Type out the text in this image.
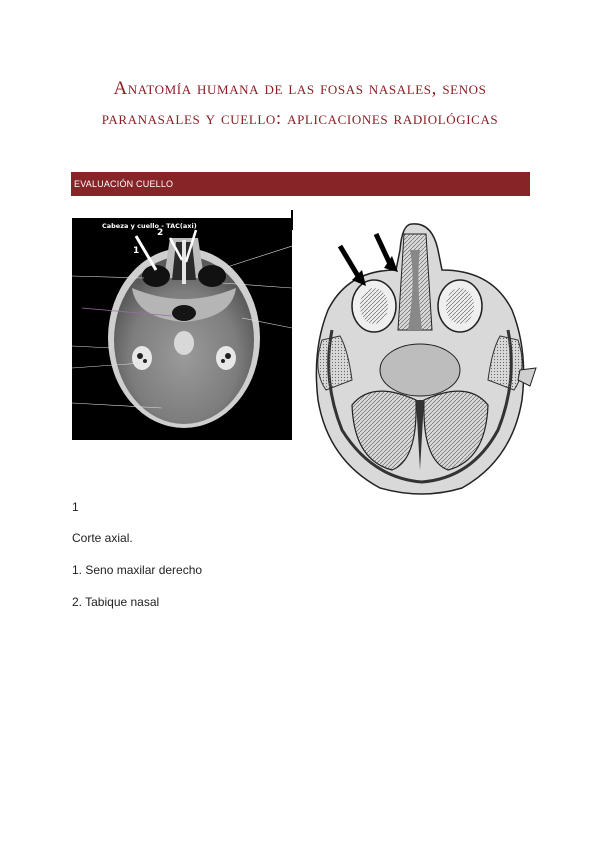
Anatomía humana de las fosas nasales, senos paranasales y cuello: aplicaciones radiológicas
EVALUACIÓN CUELLO
Cabeza y cuello - TAC(axi)
1
2
1
Corte axial.
1. Seno maxilar derecho
2. Tabique nasal
